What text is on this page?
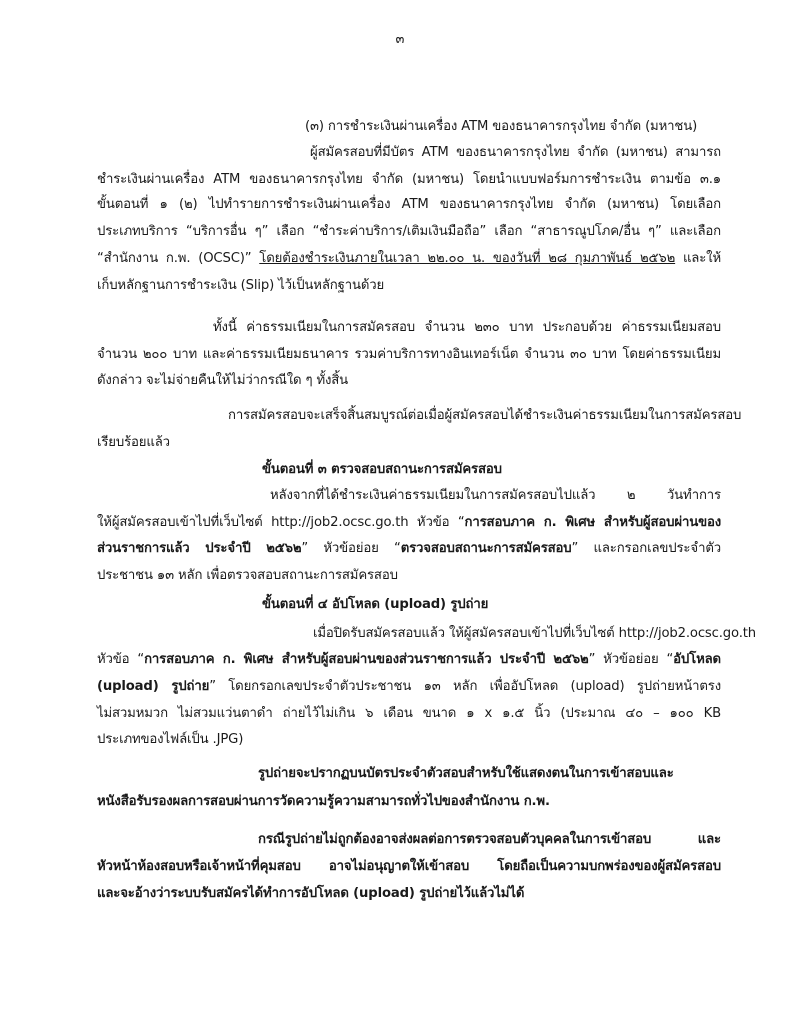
๓
(๓) การชำระเงินผ่านเครื่อง ATM ของธนาคารกรุงไทย จำกัด (มหาชน)
ผู้สมัครสอบที่มีบัตร ATM ของธนาคารกรุงไทย จำกัด (มหาชน) สามารถ
ชำระเงินผ่านเครื่อง ATM ของธนาคารกรุงไทย จำกัด (มหาชน) โดยนำแบบฟอร์มการชำระเงิน ตามข้อ ๓.๑
ขั้นตอนที่ ๑ (๒) ไปทำรายการชำระเงินผ่านเครื่อง ATM ของธนาคารกรุงไทย จำกัด (มหาชน) โดยเลือก
ประเภทบริการ “บริการอื่น ๆ” เลือก “ชำระค่าบริการ/เติมเงินมือถือ” เลือก “สาธารณูปโภค/อื่น ๆ” และเลือก
“สำนักงาน ก.พ. (OCSC)” โดยต้องชำระเงินภายในเวลา ๒๒.๐๐ น. ของวันที่ ๒๘ กุมภาพันธ์ ๒๕๖๒ และให้
เก็บหลักฐานการชำระเงิน (Slip) ไว้เป็นหลักฐานด้วย
ทั้งนี้ ค่าธรรมเนียมในการสมัครสอบ จำนวน ๒๓๐ บาท ประกอบด้วย ค่าธรรมเนียมสอบ
จำนวน ๒๐๐ บาท และค่าธรรมเนียมธนาคาร รวมค่าบริการทางอินเทอร์เน็ต จำนวน ๓๐ บาท โดยค่าธรรมเนียม
ดังกล่าว จะไม่จ่ายคืนให้ไม่ว่ากรณีใด ๆ ทั้งสิ้น
การสมัครสอบจะเสร็จสิ้นสมบูรณ์ต่อเมื่อผู้สมัครสอบได้ชำระเงินค่าธรรมเนียมในการสมัครสอบ
เรียบร้อยแล้ว
ขั้นตอนที่ ๓ ตรวจสอบสถานะการสมัครสอบ
หลังจากที่ได้ชำระเงินค่าธรรมเนียมในการสมัครสอบไปแล้ว ๒ วันทำการ
ให้ผู้สมัครสอบเข้าไปที่เว็บไซต์ http://job2.ocsc.go.th หัวข้อ “การสอบภาค ก. พิเศษ สำหรับผู้สอบผ่านของ
ส่วนราชการแล้ว ประจำปี ๒๕๖๒” หัวข้อย่อย “ตรวจสอบสถานะการสมัครสอบ” และกรอกเลขประจำตัว
ประชาชน ๑๓ หลัก เพื่อตรวจสอบสถานะการสมัครสอบ
ขั้นตอนที่ ๔ อัปโหลด (upload) รูปถ่าย
เมื่อปิดรับสมัครสอบแล้ว ให้ผู้สมัครสอบเข้าไปที่เว็บไซต์ http://job2.ocsc.go.th
หัวข้อ “การสอบภาค ก. พิเศษ สำหรับผู้สอบผ่านของส่วนราชการแล้ว ประจำปี ๒๕๖๒” หัวข้อย่อย “อัปโหลด
(upload) รูปถ่าย” โดยกรอกเลขประจำตัวประชาชน ๑๓ หลัก เพื่ออัปโหลด (upload) รูปถ่ายหน้าตรง
ไม่สวมหมวก ไม่สวมแว่นตาดำ ถ่ายไว้ไม่เกิน ๖ เดือน ขนาด ๑ x ๑.๕ นิ้ว (ประมาณ ๔๐ – ๑๐๐ KB
ประเภทของไฟล์เป็น .JPG)
รูปถ่ายจะปรากฏบนบัตรประจำตัวสอบสำหรับใช้แสดงตนในการเข้าสอบและ
หนังสือรับรองผลการสอบผ่านการวัดความรู้ความสามารถทั่วไปของสำนักงาน ก.พ.
กรณีรูปถ่ายไม่ถูกต้องอาจส่งผลต่อการตรวจสอบตัวบุคคลในการเข้าสอบ และ
หัวหน้าห้องสอบหรือเจ้าหน้าที่คุมสอบ อาจไม่อนุญาตให้เข้าสอบ โดยถือเป็นความบกพร่องของผู้สมัครสอบ
และจะอ้างว่าระบบรับสมัครได้ทำการอัปโหลด (upload) รูปถ่ายไว้แล้วไม่ได้
